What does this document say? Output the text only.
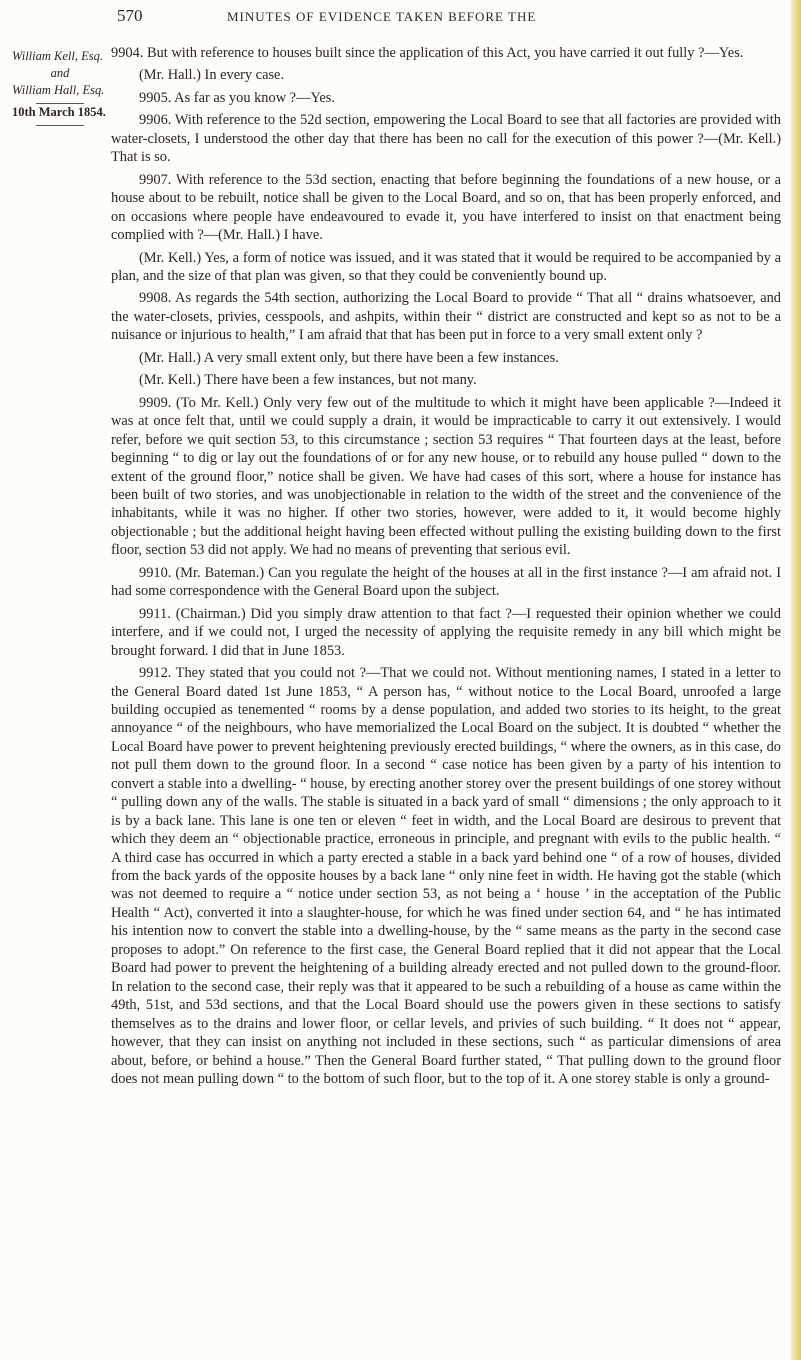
570	MINUTES OF EVIDENCE TAKEN BEFORE THE
William Kell, Esq.
and
William Hall, Esq.
10th March 1854.

9904. But with reference to houses built since the application of this Act, you have carried it out fully ?—Yes.

(Mr. Hall.) In every case.

9905. As far as you know ?—Yes.

9906. With reference to the 52d section, empowering the Local Board to see that all factories are provided with water-closets, I understood the other day that there has been no call for the execution of this power ?—(Mr. Kell.) That is so.

9907. With reference to the 53d section, enacting that before beginning the foundations of a new house, or a house about to be rebuilt, notice shall be given to the Local Board, and so on, that has been properly enforced, and on occasions where people have endeavoured to evade it, you have interfered to insist on that enactment being complied with ?—(Mr. Hall.) I have.

(Mr. Kell.) Yes, a form of notice was issued, and it was stated that it would be required to be accompanied by a plan, and the size of that plan was given, so that they could be conveniently bound up.

9908. As regards the 54th section, authorizing the Local Board to provide “ That all “ drains whatsoever, and the water-closets, privies, cesspools, and ashpits, within their “ district are constructed and kept so as not to be a nuisance or injurious to health,” I am afraid that that has been put in force to a very small extent only ?

(Mr. Hall.) A very small extent only, but there have been a few instances.

(Mr. Kell.) There have been a few instances, but not many.

9909. (To Mr. Kell.) Only very few out of the multitude to which it might have been applicable ?—Indeed it was at once felt that, until we could supply a drain, it would be impracticable to carry it out extensively. I would refer, before we quit section 53, to this circumstance ; section 53 requires “ That fourteen days at the least, before beginning “ to dig or lay out the foundations of or for any new house, or to rebuild any house pulled “ down to the extent of the ground floor,” notice shall be given. We have had cases of this sort, where a house for instance has been built of two stories, and was unobjectionable in relation to the width of the street and the convenience of the inhabitants, while it was no higher. If other two stories, however, were added to it, it would become highly objectionable ; but the additional height having been effected without pulling the existing building down to the first floor, section 53 did not apply. We had no means of preventing that serious evil.

9910. (Mr. Bateman.) Can you regulate the height of the houses at all in the first instance ?—I am afraid not. I had some correspondence with the General Board upon the subject.

9911. (Chairman.) Did you simply draw attention to that fact ?—I requested their opinion whether we could interfere, and if we could not, I urged the necessity of applying the requisite remedy in any bill which might be brought forward. I did that in June 1853.

9912. They stated that you could not ?—That we could not. Without mentioning names, I stated in a letter to the General Board dated 1st June 1853, “ A person has, “ without notice to the Local Board, unroofed a large building occupied as tenemented “ rooms by a dense population, and added two stories to its height, to the great annoyance “ of the neighbours, who have memorialized the Local Board on the subject. It is doubted “ whether the Local Board have power to prevent heightening previously erected buildings, “ where the owners, as in this case, do not pull them down to the ground floor. In a second “ case notice has been given by a party of his intention to convert a stable into a dwelling- “ house, by erecting another storey over the present buildings of one storey without “ pulling down any of the walls. The stable is situated in a back yard of small “ dimensions ; the only approach to it is by a back lane. This lane is one ten or eleven “ feet in width, and the Local Board are desirous to prevent that which they deem an “ objectionable practice, erroneous in principle, and pregnant with evils to the public health. “ A third case has occurred in which a party erected a stable in a back yard behind one “ of a row of houses, divided from the back yards of the opposite houses by a back lane “ only nine feet in width. He having got the stable (which was not deemed to require a “ notice under section 53, as not being a ‘ house ’ in the acceptation of the Public Health “ Act), converted it into a slaughter-house, for which he was fined under section 64, and “ he has intimated his intention now to convert the stable into a dwelling-house, by the “ same means as the party in the second case proposes to adopt.” On reference to the first case, the General Board replied that it did not appear that the Local Board had power to prevent the heightening of a building already erected and not pulled down to the ground-floor. In relation to the second case, their reply was that it appeared to be such a rebuilding of a house as came within the 49th, 51st, and 53d sections, and that the Local Board should use the powers given in these sections to satisfy themselves as to the drains and lower floor, or cellar levels, and privies of such building. “ It does not “ appear, however, that they can insist on anything not included in these sections, such “ as particular dimensions of area about, before, or behind a house.” Then the General Board further stated, “ That pulling down to the ground floor does not mean pulling down “ to the bottom of such floor, but to the top of it. A one storey stable is only a ground-
